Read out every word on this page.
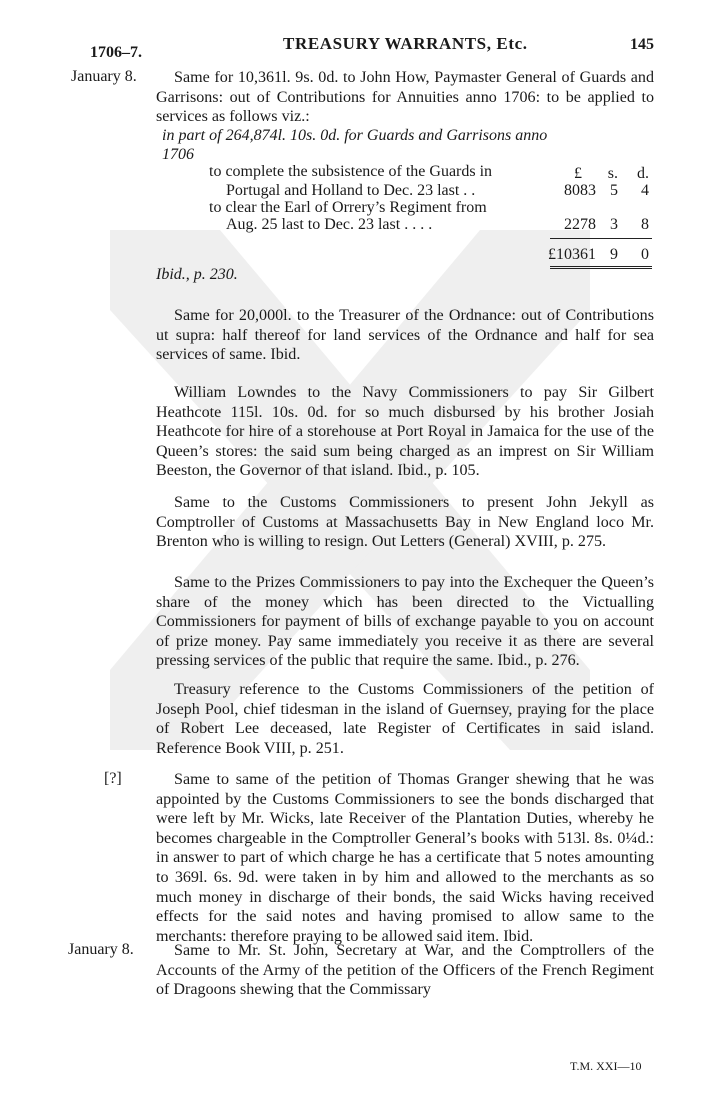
1706–7.	TREASURY WARRANTS, Etc.	145
January 8.
[?]
January 8.

Same for 10,361l. 9s. 0d. to John How, Paymaster General of Guards and Garrisons: out of Contributions for Annuities anno 1706: to be applied to services as follows viz.:

in part of 264,874l. 10s. 0d. for Guards and Garrisons anno 1706
£	s.	d.
to complete the subsistence of the Guards in
Portugal and Holland to Dec. 23 last . .	8083 5	4
to clear the Earl of Orrery’s Regiment from
Aug. 25 last to Dec. 23 last . . . .	2278 3	8
£10361 9	0
Ibid., p. 230.

Same for 20,000l. to the Treasurer of the Ordnance: out of Contributions ut supra: half thereof for land services of the Ordnance and half for sea services of same. Ibid.

William Lowndes to the Navy Commissioners to pay Sir Gilbert Heathcote 115l. 10s. 0d. for so much disbursed by his brother Josiah Heathcote for hire of a storehouse at Port Royal in Jamaica for the use of the Queen’s stores: the said sum being charged as an imprest on Sir William Beeston, the Governor of that island. Ibid., p. 105.

Same to the Customs Commissioners to present John Jekyll as Comptroller of Customs at Massachusetts Bay in New England loco Mr. Brenton who is willing to resign. Out Letters (General) XVIII, p. 275.

Same to the Prizes Commissioners to pay into the Exchequer the Queen’s share of the money which has been directed to the Victualling Commissioners for payment of bills of exchange payable to you on account of prize money. Pay same immediately you receive it as there are several pressing services of the public that require the same. Ibid., p. 276.

Treasury reference to the Customs Commissioners of the petition of Joseph Pool, chief tidesman in the island of Guernsey, praying for the place of Robert Lee deceased, late Register of Certificates in said island. Reference Book VIII, p. 251.

Same to same of the petition of Thomas Granger shewing that he was appointed by the Customs Commissioners to see the bonds discharged that were left by Mr. Wicks, late Receiver of the Plantation Duties, whereby he becomes chargeable in the Comptroller General’s books with 513l. 8s. 0¼d.: in answer to part of which charge he has a certificate that 5 notes amounting to 369l. 6s. 9d. were taken in by him and allowed to the merchants as so much money in discharge of their bonds, the said Wicks having received effects for the said notes and having promised to allow same to the merchants: therefore praying to be allowed said item. Ibid.

Same to Mr. St. John, Secretary at War, and the Comptrollers of the Accounts of the Army of the petition of the Officers of the French Regiment of Dragoons shewing that the Commissary

T.M. XXI—10
